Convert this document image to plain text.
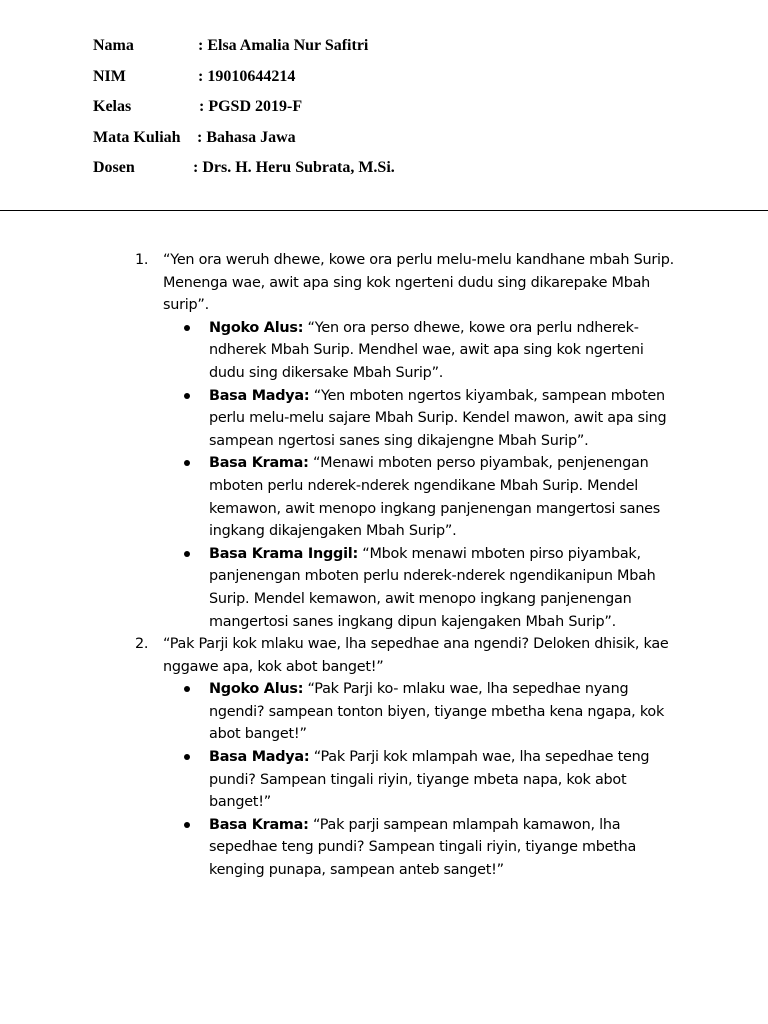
Nama	: Elsa Amalia Nur Safitri
NIM	: 19010644214
Kelas	: PGSD 2019-F
Mata Kuliah : Bahasa Jawa
Dosen	: Drs. H. Heru Subrata, M.Si.
1.	“Yen ora weruh dhewe, kowe ora perlu melu-melu kandhane mbah Surip. Menenga wae, awit apa sing kok ngerteni dudu sing dikarepake Mbah surip”.
Ngoko Alus: “Yen ora perso dhewe, kowe ora perlu ndherek-ndherek Mbah Surip. Mendhel wae, awit apa sing kok ngerteni dudu sing dikersake Mbah Surip”.
Basa Madya: “Yen mboten ngertos kiyambak, sampean mboten perlu melu-melu sajare Mbah Surip. Kendel mawon, awit apa sing sampean ngertosi sanes sing dikajengne Mbah Surip”.
Basa Krama: “Menawi mboten perso piyambak, penjenengan mboten perlu nderek-nderek ngendikane Mbah Surip. Mendel kemawon, awit menopo ingkang panjenengan mangertosi sanes ingkang dikajengaken Mbah Surip”.
Basa Krama Inggil: “Mbok menawi mboten pirso piyambak, panjenengan mboten perlu nderek-nderek ngendikanipun Mbah Surip. Mendel kemawon, awit menopo ingkang panjenengan mangertosi sanes ingkang dipun kajengaken Mbah Surip”.
2.	“Pak Parji kok mlaku wae, lha sepedhae ana ngendi? Deloken dhisik, kae nggawe apa, kok abot banget!”
Ngoko Alus: “Pak Parji ko- mlaku wae, lha sepedhae nyang ngendi? sampean tonton biyen, tiyange mbetha kena ngapa, kok abot banget!”
Basa Madya: “Pak Parji kok mlampah wae, lha sepedhae teng pundi? Sampean tingali riyin, tiyange mbeta napa, kok abot banget!”
Basa Krama: “Pak parji sampean mlampah kamawon, lha sepedhae teng pundi? Sampean tingali riyin, tiyange mbetha kenging punapa, sampean anteb sanget!”
